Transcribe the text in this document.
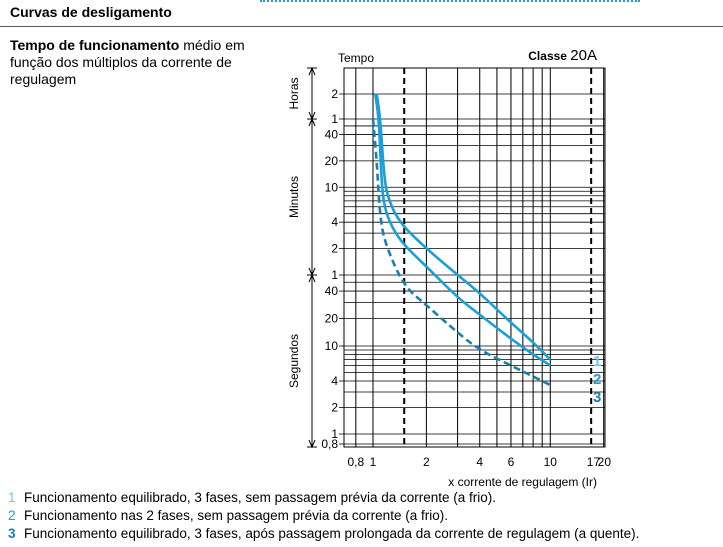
Curvas de desligamento
Tempo de funcionamento médio em função dos múltiplos da corrente de regulagem
2
1
Horas
40
20
10
4
2
1
Minutos
40
20
10
4
2
1
0,8
Segundos
0,8 1	2	4 6 10 17
20
Tempo
x corrente de regulagem (Ir)
Classe 20A
1
2
3
1 Funcionamento equilibrado, 3 fases, sem passagem prévia da corrente (a frio).
2 Funcionamento nas 2 fases, sem passagem prévia da corrente (a frio).
3 Funcionamento equilibrado, 3 fases, após passagem prolongada da corrente de regulagem (a quente).
